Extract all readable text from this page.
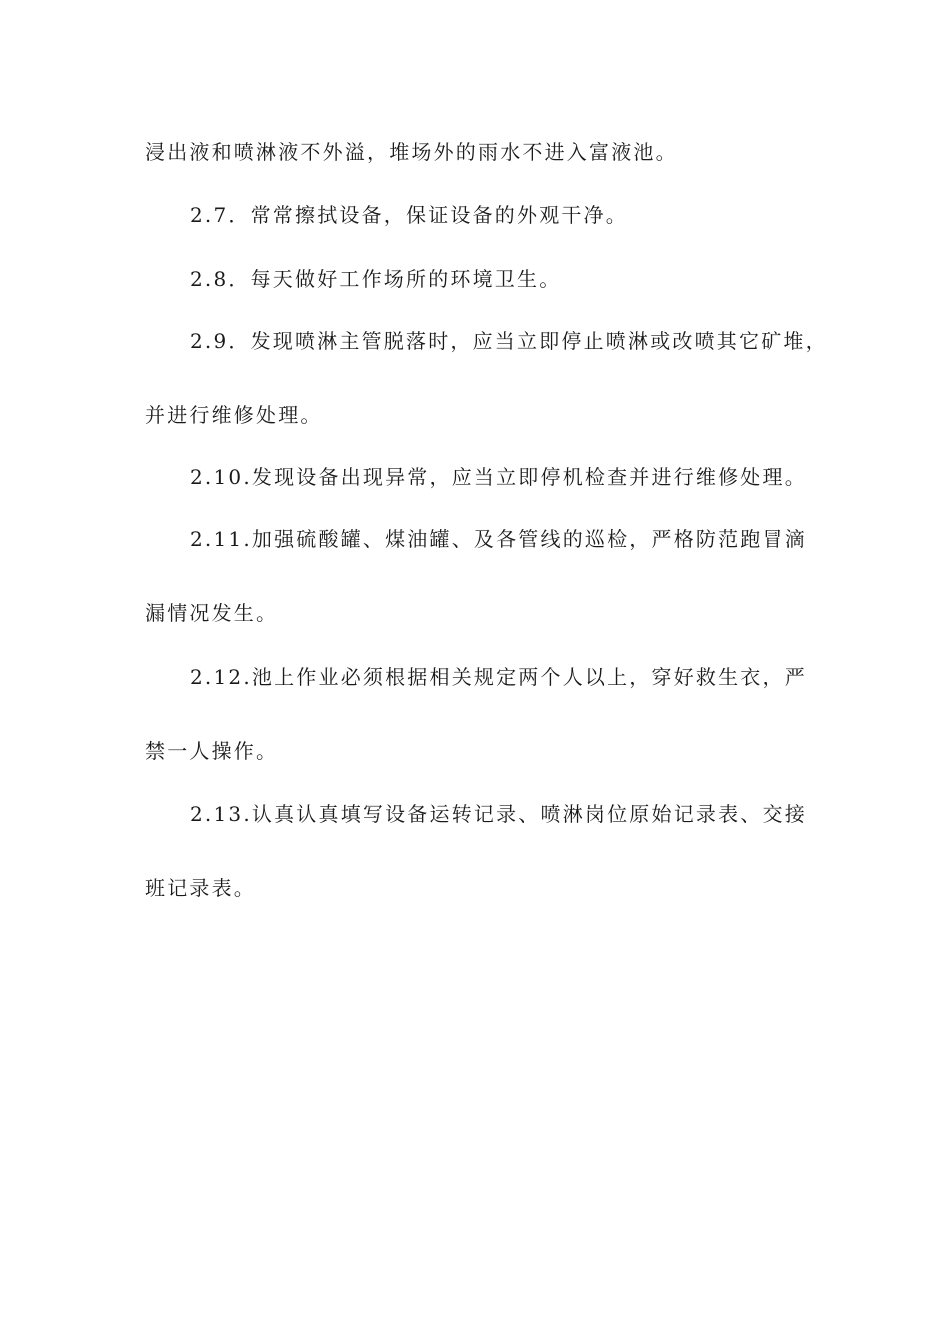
浸出液和喷淋液不外溢，堆场外的雨水不进入富液池。
2.7．常常擦拭设备，保证设备的外观干净。
2.8．每天做好工作场所的环境卫生。
2.9．发现喷淋主管脱落时，应当立即停止喷淋或改喷其它矿堆，
并进行维修处理。
2.10.发现设备出现异常，应当立即停机检查并进行维修处理。
2.11.加强硫酸罐、煤油罐、及各管线的巡检，严格防范跑冒滴
漏情况发生。
2.12.池上作业必须根据相关规定两个人以上，穿好救生衣，严
禁一人操作。
2.13.认真认真填写设备运转记录、喷淋岗位原始记录表、交接
班记录表。
